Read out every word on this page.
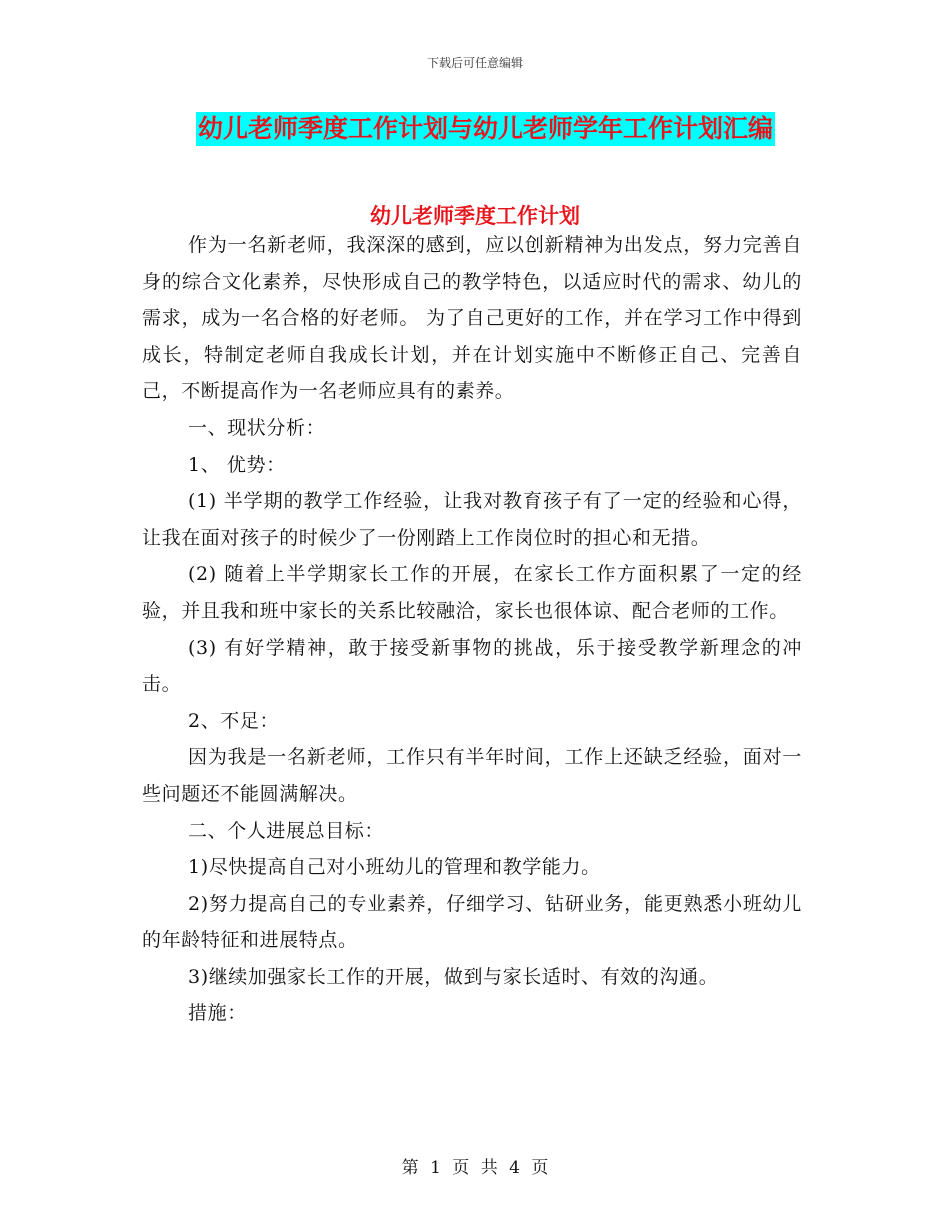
下载后可任意编辑
幼儿老师季度工作计划与幼儿老师学年工作计划汇编
幼儿老师季度工作计划

作为一名新老师，我深深的感到，应以创新精神为出发点，努力完善自身的综合文化素养，尽快形成自己的教学特色，以适应时代的需求、幼儿的需求，成为一名合格的好老师。 为了自己更好的工作，并在学习工作中得到成长，特制定老师自我成长计划，并在计划实施中不断修正自己、完善自己，不断提高作为一名老师应具有的素养。

一、现状分析：

1、 优势：

(1) 半学期的教学工作经验，让我对教育孩子有了一定的经验和心得，让我在面对孩子的时候少了一份刚踏上工作岗位时的担心和无措。

(2) 随着上半学期家长工作的开展，在家长工作方面积累了一定的经验，并且我和班中家长的关系比较融洽，家长也很体谅、配合老师的工作。

(3) 有好学精神，敢于接受新事物的挑战，乐于接受教学新理念的冲击。

2、不足：

因为我是一名新老师，工作只有半年时间，工作上还缺乏经验，面对一些问题还不能圆满解决。

二、个人进展总目标：

1)尽快提高自己对小班幼儿的管理和教学能力。

2)努力提高自己的专业素养，仔细学习、钻研业务，能更熟悉小班幼儿的年龄特征和进展特点。

3)继续加强家长工作的开展，做到与家长适时、有效的沟通。

措施：

第 1 页 共 4 页
